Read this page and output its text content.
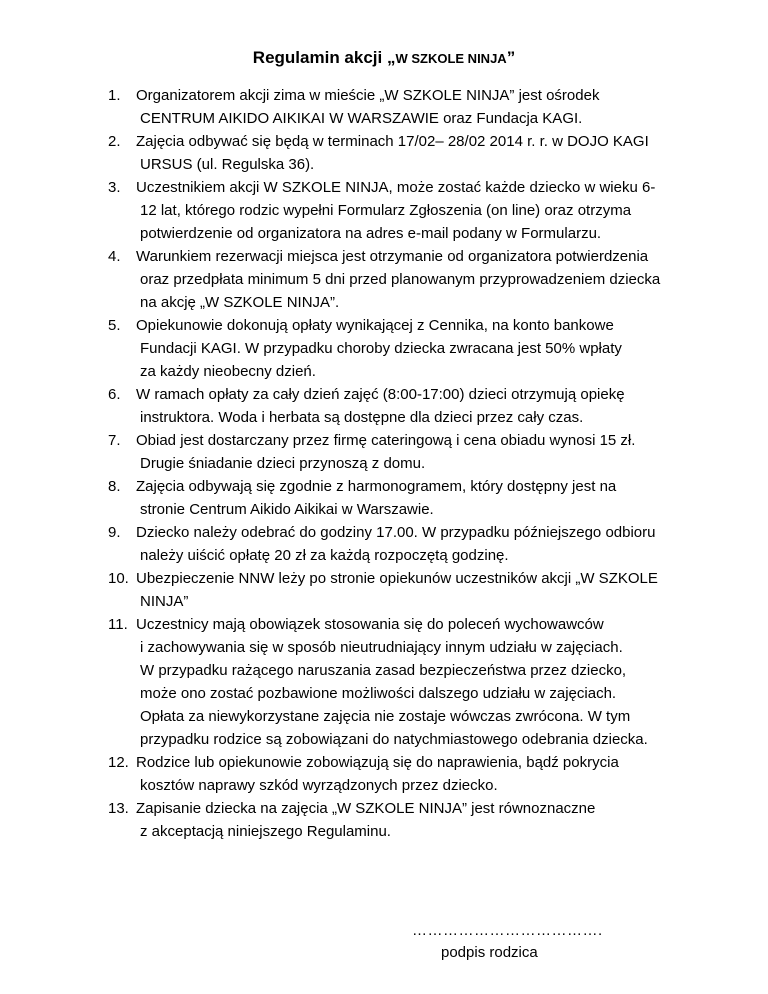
Regulamin akcji „W SZKOLE NINJA”
1. Organizatorem akcji zima w mieście „W SZKOLE NINJA” jest ośrodek
CENTRUM AIKIDO AIKIKAI W WARSZAWIE oraz Fundacja KAGI.
2. Zajęcia odbywać się będą w terminach 17/02– 28/02 2014 r. r. w DOJO KAGI
URSUS (ul. Regulska 36).
3. Uczestnikiem akcji W SZKOLE NINJA, może zostać każde dziecko w wieku 6-
12 lat, którego rodzic wypełni Formularz Zgłoszenia (on line) oraz otrzyma
potwierdzenie od organizatora na adres e-mail podany w Formularzu.
4. Warunkiem rezerwacji miejsca jest otrzymanie od organizatora potwierdzenia
oraz przedpłata minimum 5 dni przed planowanym przyprowadzeniem dziecka
na akcję „W SZKOLE NINJA”.
5. Opiekunowie dokonują opłaty wynikającej z Cennika, na konto bankowe
Fundacji KAGI. W przypadku choroby dziecka zwracana jest 50% wpłaty
za każdy nieobecny dzień.
6. W ramach opłaty za cały dzień zajęć (8:00-17:00) dzieci otrzymują opiekę
instruktora. Woda i herbata są dostępne dla dzieci przez cały czas.
7. Obiad jest dostarczany przez firmę cateringową i cena obiadu wynosi 15 zł.
Drugie śniadanie dzieci przynoszą z domu.
8. Zajęcia odbywają się zgodnie z harmonogramem, który dostępny jest na
stronie Centrum Aikido Aikikai w Warszawie.
9. Dziecko należy odebrać do godziny 17.00. W przypadku późniejszego odbioru
należy uiścić opłatę 20 zł za każdą rozpoczętą godzinę.
10. Ubezpieczenie NNW leży po stronie opiekunów uczestników akcji „W SZKOLE
NINJA”
11. Uczestnicy mają obowiązek stosowania się do poleceń wychowawców
i zachowywania się w sposób nieutrudniający innym udziału w zajęciach.
W przypadku rażącego naruszania zasad bezpieczeństwa przez dziecko,
może ono zostać pozbawione możliwości dalszego udziału w zajęciach.
Opłata za niewykorzystane zajęcia nie zostaje wówczas zwrócona. W tym
przypadku rodzice są zobowiązani do natychmiastowego odebrania dziecka.
12. Rodzice lub opiekunowie zobowiązują się do naprawienia, bądź pokrycia
kosztów naprawy szkód wyrządzonych przez dziecko.
13. Zapisanie dziecka na zajęcia „W SZKOLE NINJA” jest równoznaczne
z akceptacją niniejszego Regulaminu.
……………………………….
podpis rodzica
